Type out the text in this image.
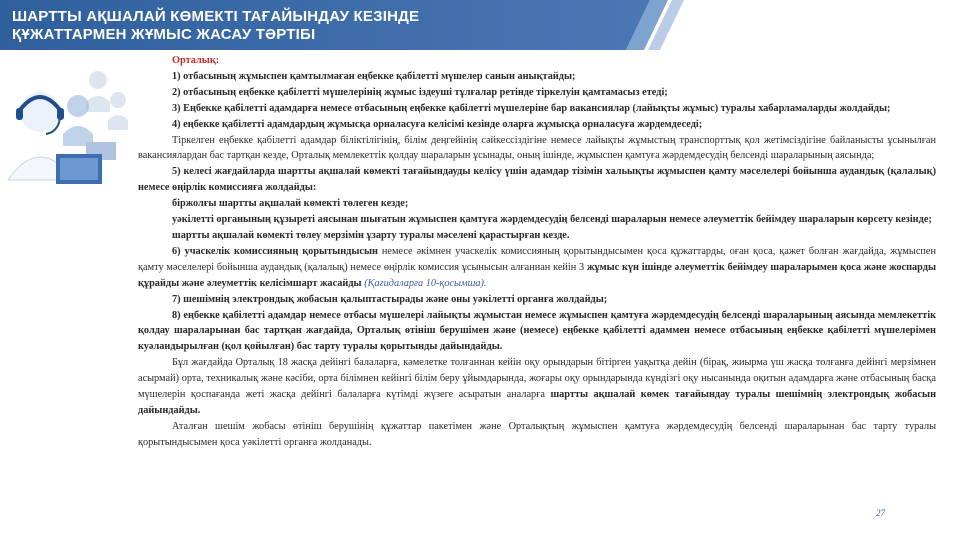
ШАРТТЫ АҚШАЛАЙ КӨМЕКТІ ТАҒАЙЫНДАУ КЕЗІНДЕ
ҚҰЖАТТАРМЕН ЖҰМЫС ЖАСАУ ТӘРТІБІ

Орталық:

1) отбасының жұмыспен қамтылмаған еңбекке қабілетті мүшелер санын анықтайды;

2) отбасының еңбекке қабілетті мүшелерінің жұмыс іздеуші тұлғалар ретінде тіркелуін қамтамасыз етеді;

3) Еңбекке қабілетті адамдарға немесе отбасының еңбекке қабілетті мүшелеріне бар вакансиялар (лайықты жұмыс) туралы хабарламаларды жолдайды;

4) еңбекке қабілетті адамдардың жұмысқа орналасуға келісімі кезінде оларға жұмысқа орналасуға жәрдемдеседі;

Тіркелген еңбекке қабілетті адамдар біліктілігінің, білім деңгейінің сәйкессіздігіне немесе лайықты жұмыстың транспорттық қол жетімсіздігіне байланысты ұсынылған вакансиялардан бас тартқан кезде, Орталық мемлекеттік қолдау шараларын ұсынады, оның ішінде, жұмыспен қамтуға жәрдемдесудің белсенді шараларының аясында;

5) келесі жағдайларда шартты ақшалай көмекті тағайындауды келісу үшін адамдар тізімін хальықты жұмыспен қамту мәселелері бойынша аудандық (қалалық) немесе өңірлік комиссияға жолдайды:

біржолғы шартты ақшалай көмекті төлеген кезде;

уәкілетті органының құзыреті аясынан шығатын жұмыспен қамтуға жәрдемдесудің белсенді шараларын немесе әлеуметтік бейімдеу шараларын көрсету кезінде;

шартты ақшалай көмекті төлеу мерзімін ұзарту туралы мәселені қарастырған кезде.

6) учаскелік комиссияның қорытындысын немесе әкімнен учаскелік комиссияның қорытындысымен қоса құжаттарды, оған қоса, қажет болған жағдайда, жұмыспен қамту мәселелері бойынша аудандық (қалалық) немесе өңірлік комиссия ұсынысын алғаннан кейін 3 жұмыс күн ішінде әлеуметтік бейімдеу шараларымен қоса және жоспарды құрайды және әлеуметтік келісімшарт жасайды (Қағидаларға 10-қосымша).

7) шешімнің электрондық жобасын қалыптастырады және оны уәкілетті органға жолдайды;

8) еңбекке қабілетті адамдар немесе отбасы мүшелері лайықты жұмыстан немесе жұмыспен қамтуға жәрдемдесудің белсенді шараларының аясында мемлекеттік қолдау шараларынан бас тартқан жағдайда, Орталық өтініш берушімен және (немесе) еңбекке қабілетті адаммен немесе отбасының еңбекке қабілетті мүшелерімен куәландырылған (қол қойылған) бас тарту туралы қорытынды дайындайды.

Бұл жағдайда Орталық 18 жасқа дейінгі балаларға, кәмелетке толғаннан кейін оқу орындарын бітірген уақытқа дейін (бірақ, жиырма үш жасқа толғанға дейінгі мерзімнен асырмай) орта, техникалық және кәсіби, орта білімнен кейінгі білім беру ұйымдарында, жоғары оқу орындарында күндізгі оқу нысанында оқитын адамдарға және отбасының басқа мүшелерін қоспағанда жеті жасқа дейінгі балаларға күтімді жүзеге асыратын аналарға шартты ақшалай көмек тағайындау туралы шешімнің электрондық жобасын дайындайды.

Аталған шешім жобасы өтініш берушінің құжаттар пакетімен және Орталықтың жұмыспен қамтуға жәрдемдесудің белсенді шараларынан бас тарту туралы қорытындысымен қоса уәкілетті органға жолданады.

27
